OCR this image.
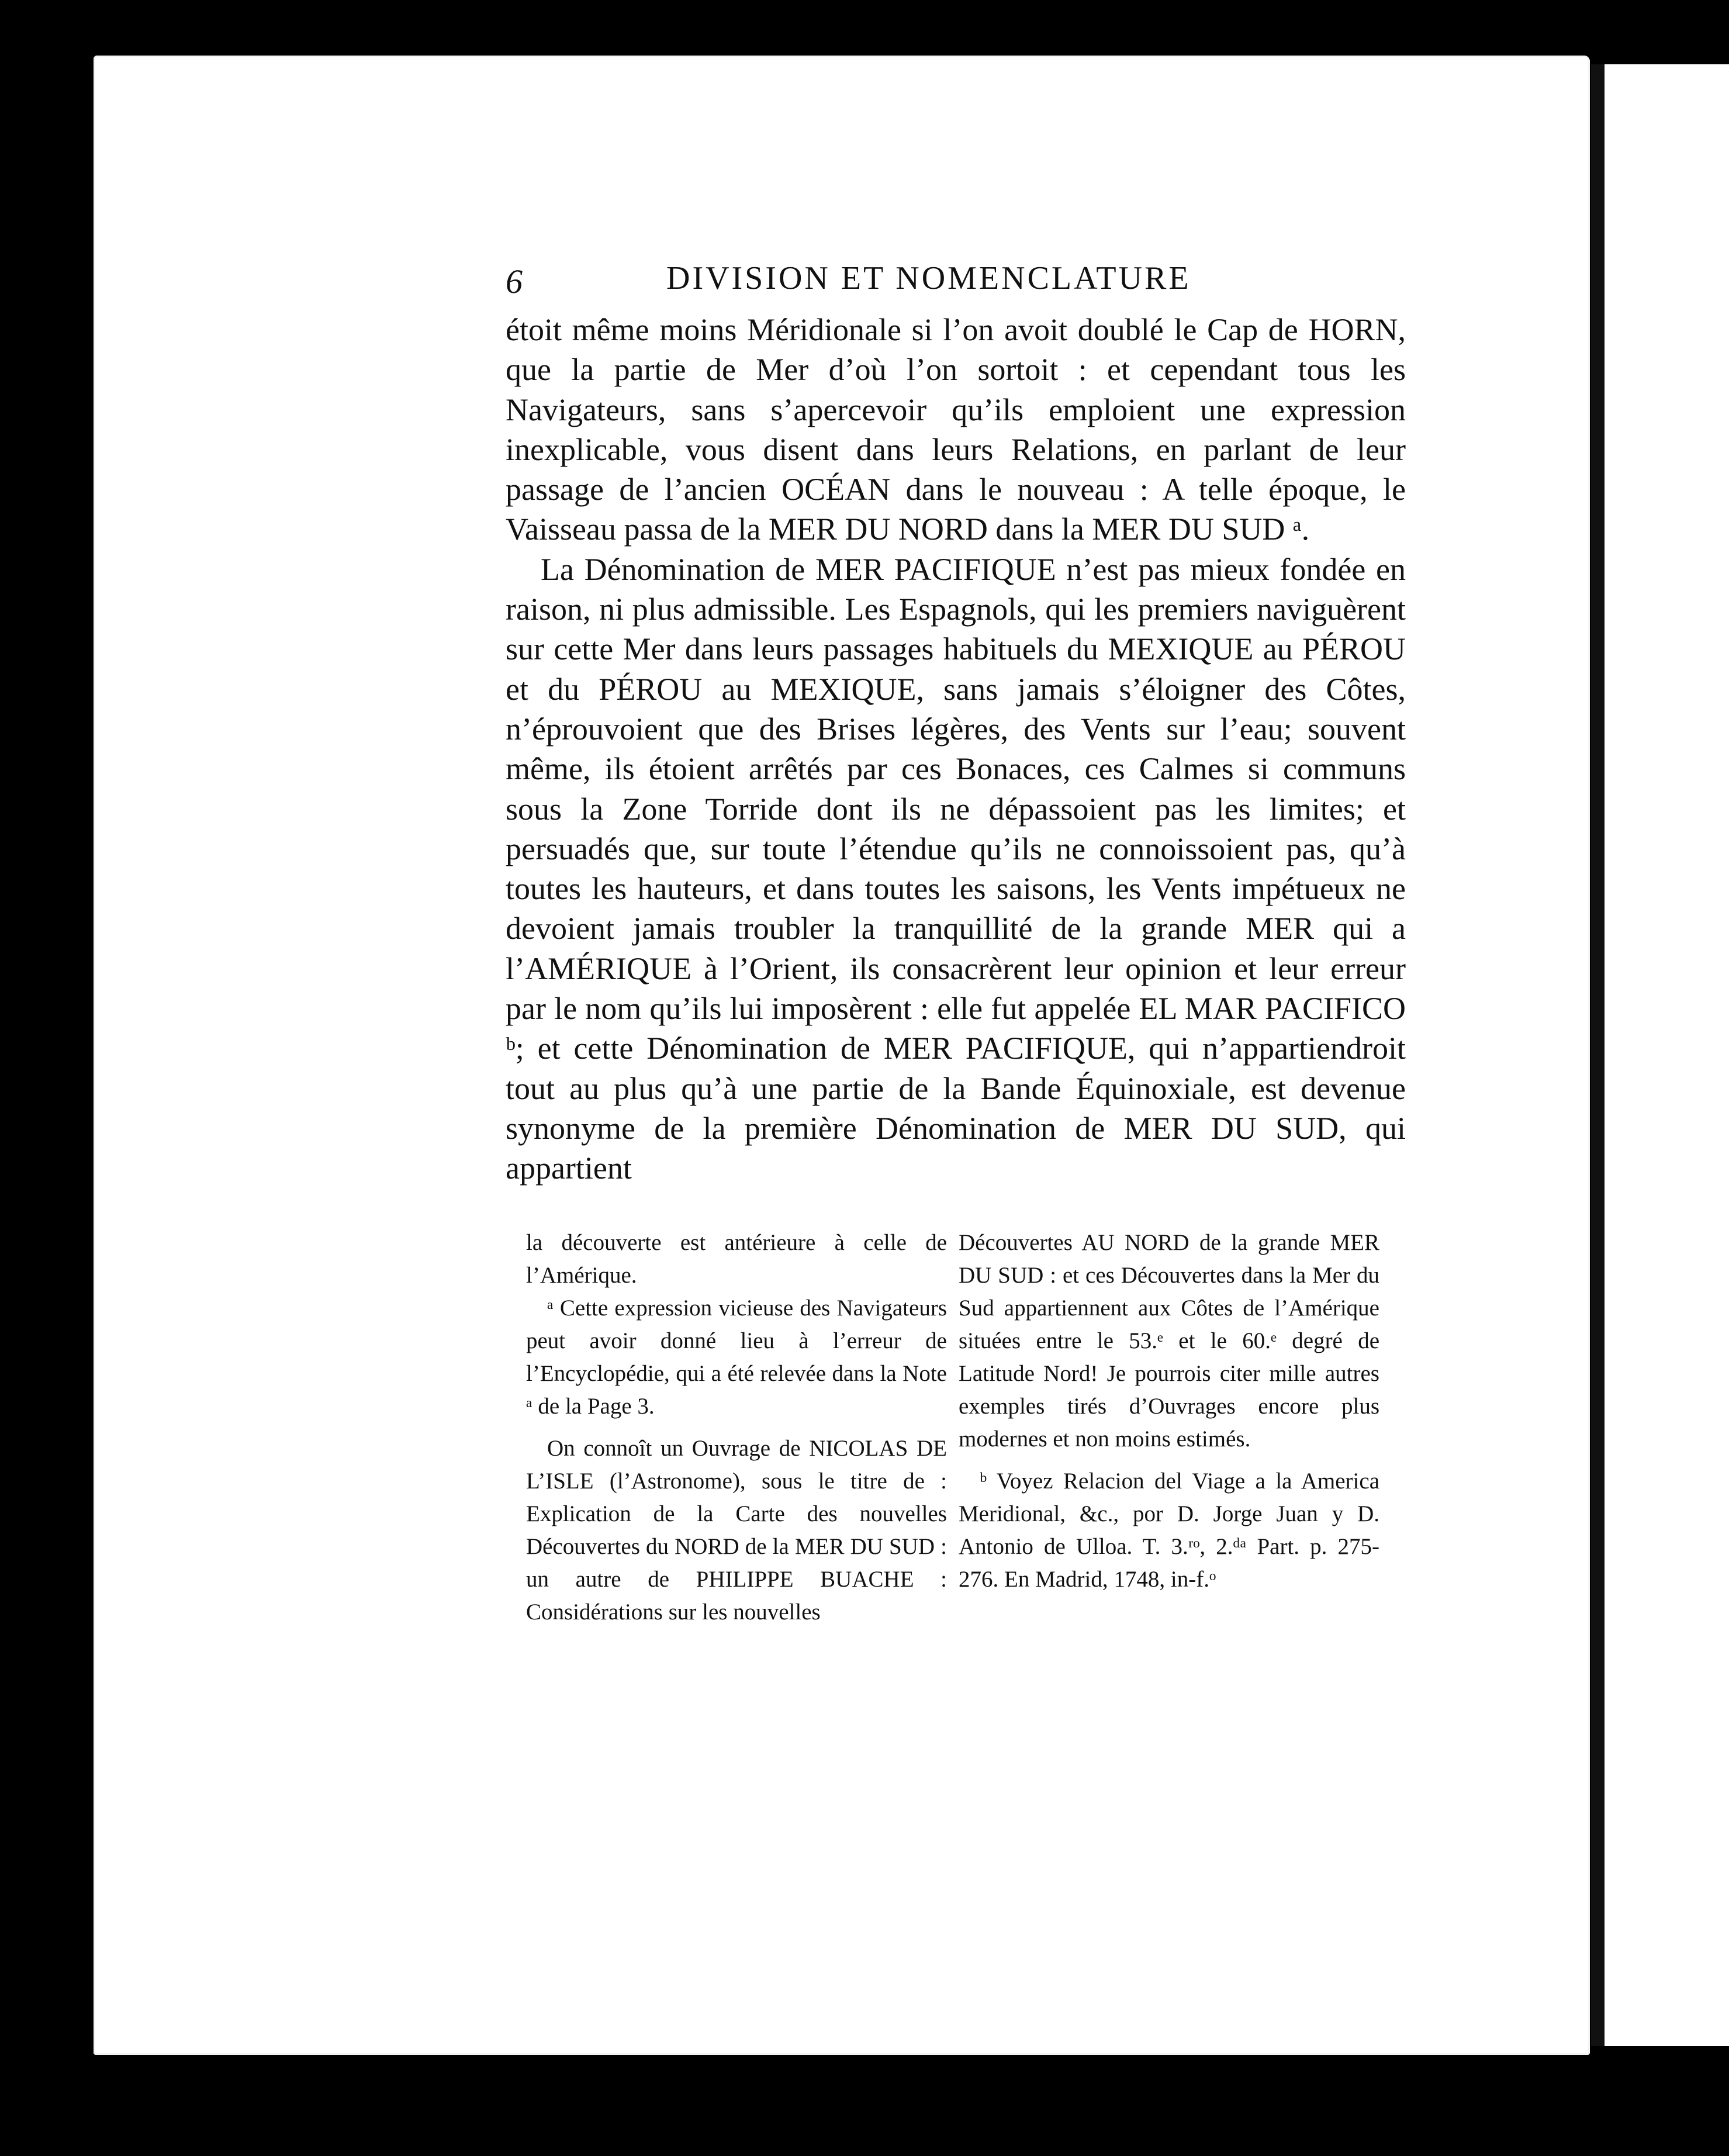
6	DIVISION ET NOMENCLATURE

étoit même moins Méridionale si l’on avoit doublé le Cap de HORN, que la partie de Mer d’où l’on sortoit : et cependant tous les Navigateurs, sans s’apercevoir qu’ils emploient une expression inexplicable, vous disent dans leurs Relations, en parlant de leur passage de l’ancien OCÉAN dans le nouveau : A telle époque, le Vaisseau passa de la MER DU NORD dans la MER DU SUD ᵃ.

La Dénomination de MER PACIFIQUE n’est pas mieux fondée en raison, ni plus admissible. Les Espagnols, qui les premiers naviguèrent sur cette Mer dans leurs passages habituels du MEXIQUE au PÉROU et du PÉROU au MEXIQUE, sans jamais s’éloigner des Côtes, n’éprouvoient que des Brises légères, des Vents sur l’eau; souvent même, ils étoient arrêtés par ces Bonaces, ces Calmes si communs sous la Zone Torride dont ils ne dépassoient pas les limites; et persuadés que, sur toute l’étendue qu’ils ne connoissoient pas, qu’à toutes les hauteurs, et dans toutes les saisons, les Vents impétueux ne devoient jamais troubler la tranquillité de la grande MER qui a l’AMÉRIQUE à l’Orient, ils consacrèrent leur opinion et leur erreur par le nom qu’ils lui imposèrent : elle fut appelée EL MAR PACIFICO ᵇ; et cette Dénomination de MER PACIFIQUE, qui n’appartiendroit tout au plus qu’à une partie de la Bande Équinoxiale, est devenue synonyme de la première Dénomination de MER DU SUD, qui appartient

la découverte est antérieure à celle de l’Amérique.

ᵃ Cette expression vicieuse des Navigateurs peut avoir donné lieu à l’erreur de l’Encyclopédie, qui a été relevée dans la Note ᵃ de la Page 3.

On connoît un Ouvrage de NICOLAS DE L’ISLE (l’Astronome), sous le titre de : Explication de la Carte des nouvelles Découvertes du NORD de la MER DU SUD : un autre de PHILIPPE BUACHE : Considérations sur les nouvelles

Découvertes AU NORD de la grande MER DU SUD : et ces Découvertes dans la Mer du Sud appartiennent aux Côtes de l’Amérique situées entre le 53.ᵉ et le 60.ᵉ degré de Latitude Nord! Je pourrois citer mille autres exemples tirés d’Ouvrages encore plus modernes et non moins estimés.

ᵇ Voyez Relacion del Viage a la America Meridional, &c., por D. Jorge Juan y D. Antonio de Ulloa. T. 3.ʳᵒ, 2.ᵈᵃ Part. p. 275-276. En Madrid, 1748, in-f.ᵒ
